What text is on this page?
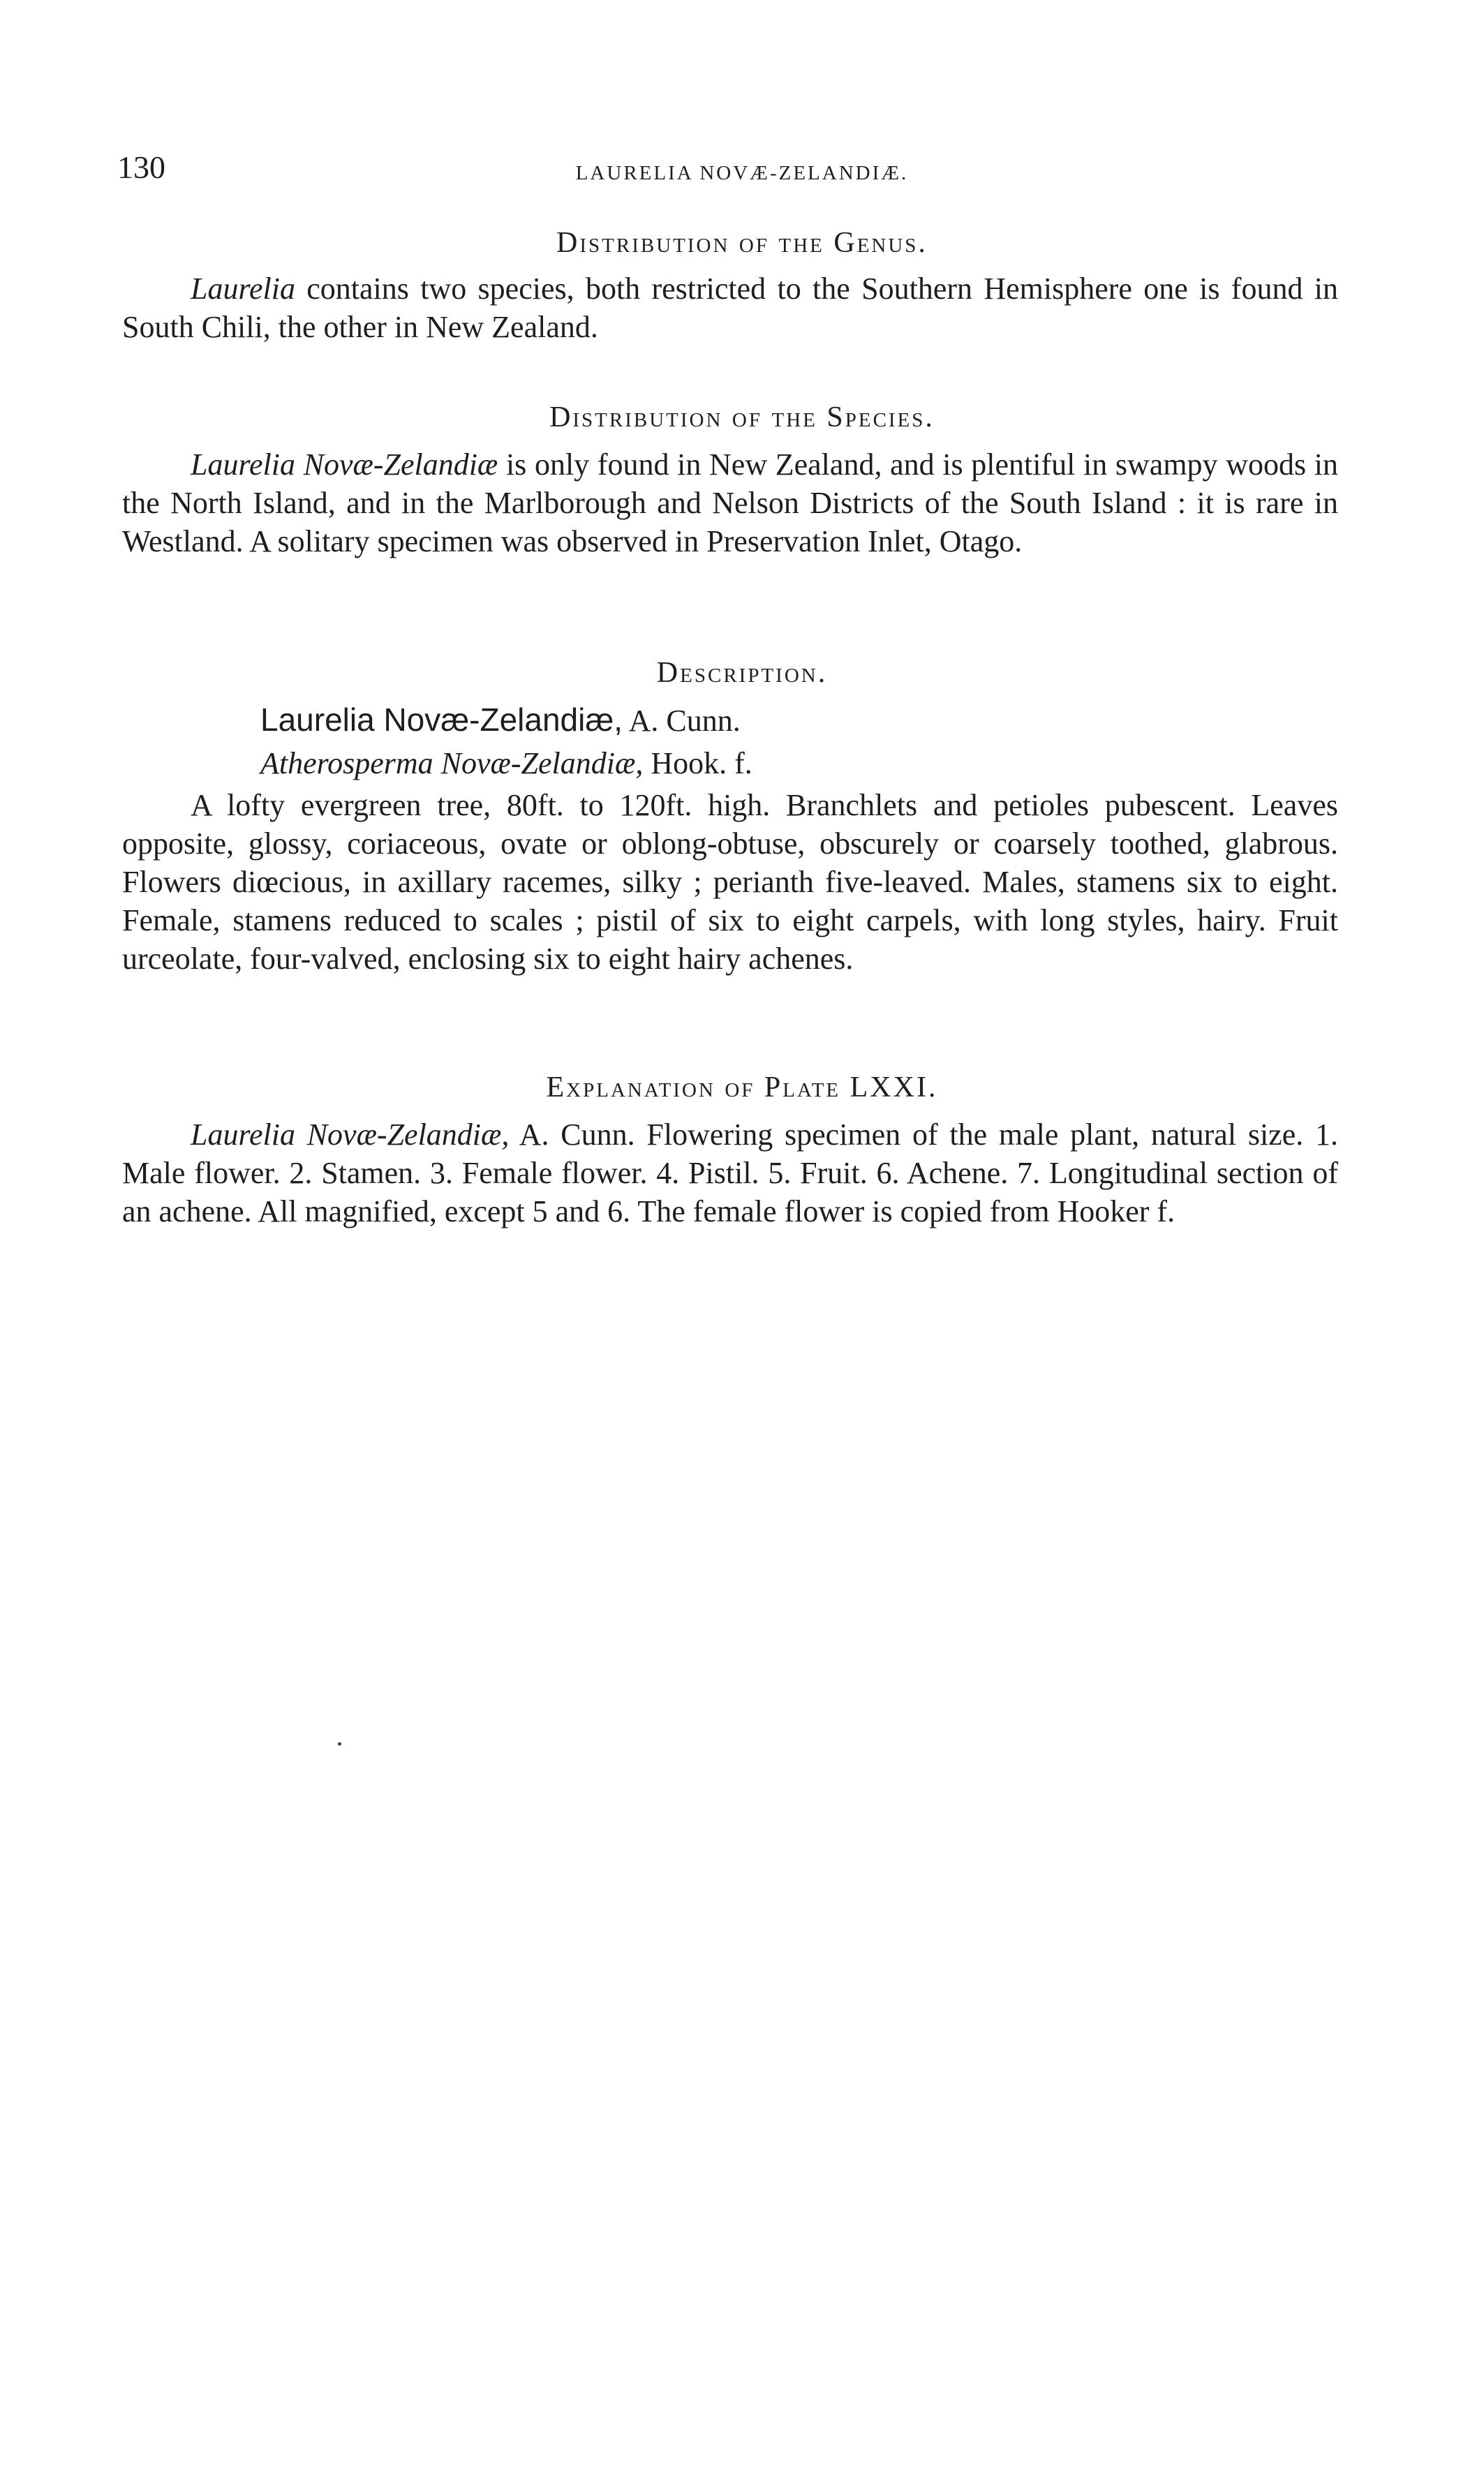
130	LAURELIA NOVÆ-ZELANDIÆ.
Distribution of the Genus.

Laurelia contains two species, both restricted to the Southern Hemisphere one is found in South Chili, the other in New Zealand.

Distribution of the Species.

Laurelia Novæ-Zelandiæ is only found in New Zealand, and is plentiful in swampy woods in the North Island, and in the Marlborough and Nelson Districts of the South Island : it is rare in Westland. A solitary specimen was observed in Preservation Inlet, Otago.

Description.
Laurelia Novæ-Zelandiæ, A. Cunn.
Atherosperma Novæ-Zelandiæ, Hook. f.

A lofty evergreen tree, 80ft. to 120ft. high. Branchlets and petioles pubescent. Leaves opposite, glossy, coriaceous, ovate or oblong-obtuse, obscurely or coarsely toothed, glabrous. Flowers diœcious, in axillary racemes, silky ; perianth five-leaved. Males, stamens six to eight. Female, stamens reduced to scales ; pistil of six to eight carpels, with long styles, hairy. Fruit urceolate, four-valved, enclosing six to eight hairy achenes.

Explanation of Plate LXXI.

Laurelia Novæ-Zelandiæ, A. Cunn. Flowering specimen of the male plant, natural size. 1. Male flower. 2. Stamen. 3. Female flower. 4. Pistil. 5. Fruit. 6. Achene. 7. Longitudinal section of an achene. All magnified, except 5 and 6. The female flower is copied from Hooker f.
